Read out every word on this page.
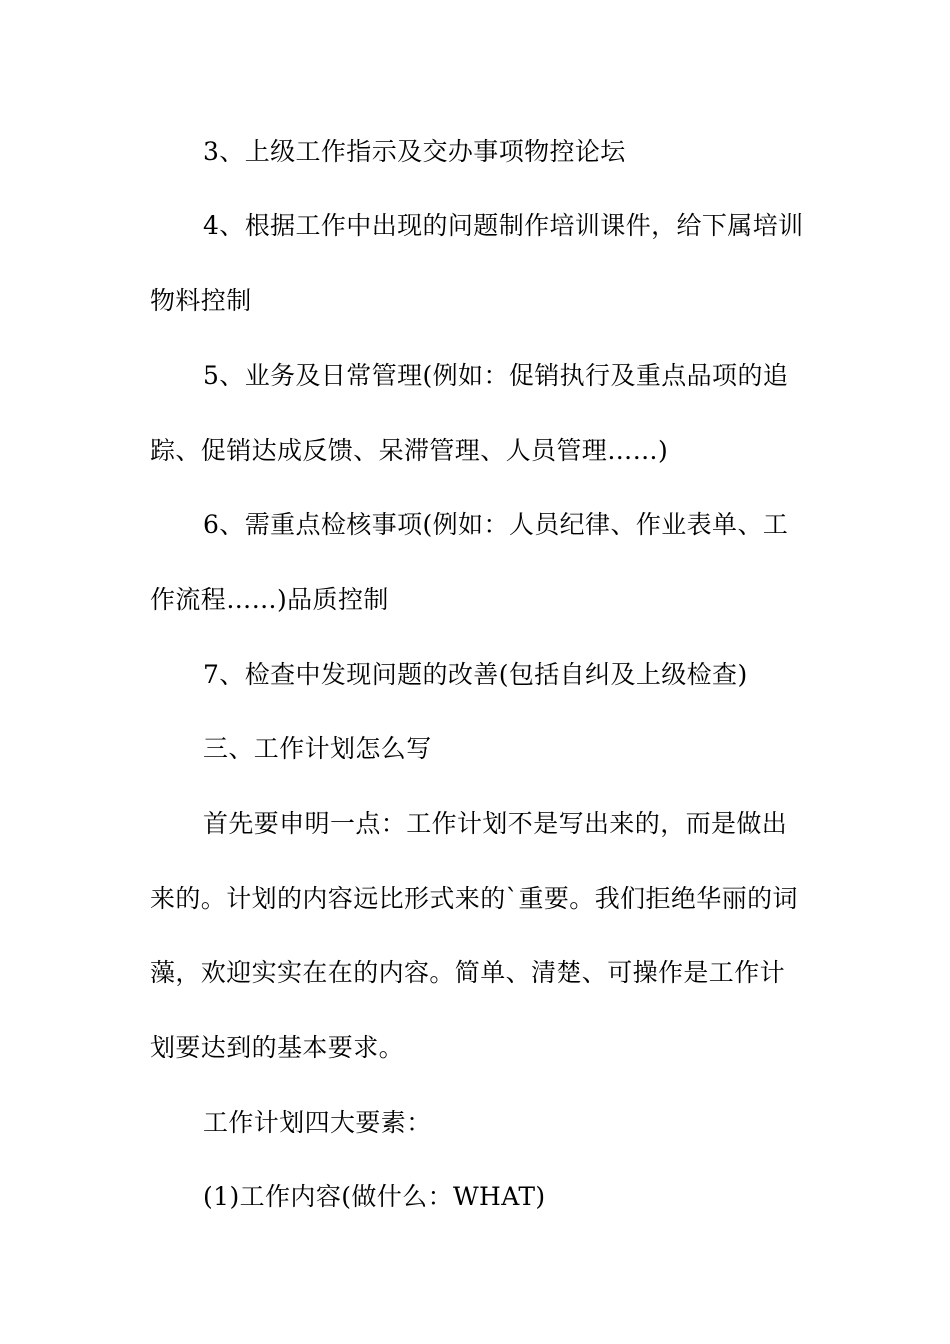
3、上级工作指示及交办事项物控论坛
4、根据工作中出现的问题制作培训课件，给下属培训
物料控制
5、业务及日常管理(例如：促销执行及重点品项的追
踪、促销达成反馈、呆滞管理、人员管理……)
6、需重点检核事项(例如：人员纪律、作业表单、工
作流程……)品质控制
7、检查中发现问题的改善(包括自纠及上级检查)
三、工作计划怎么写
首先要申明一点：工作计划不是写出来的，而是做出
来的。计划的内容远比形式来的`重要。我们拒绝华丽的词
藻，欢迎实实在在的内容。简单、清楚、可操作是工作计
划要达到的基本要求。
工作计划四大要素：
(1)工作内容(做什么：WHAT)
